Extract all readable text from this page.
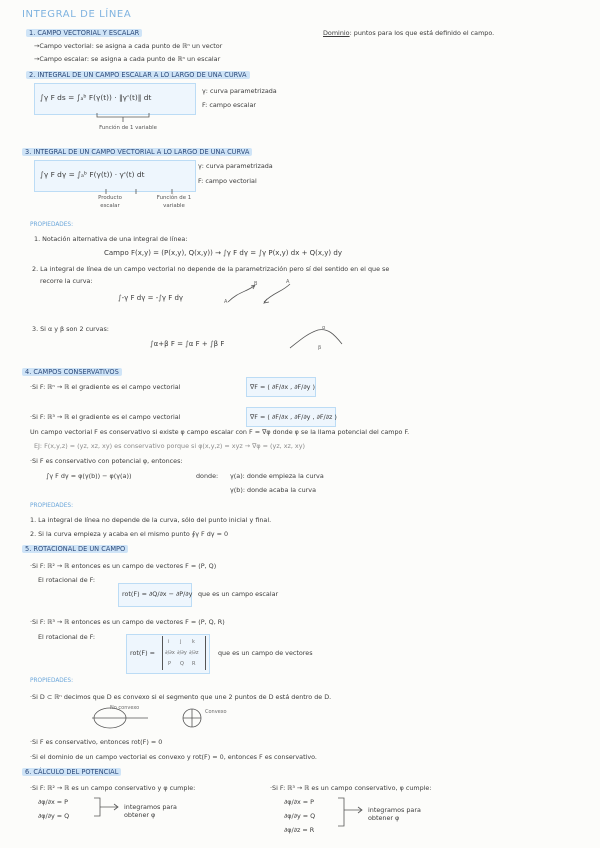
INTEGRAL DE LÍNEA
Dominio: puntos para los que está definido el campo.
1. CAMPO VECTORIAL Y ESCALAR
→Campo vectorial: se asigna a cada punto de ℝⁿ un vector
→Campo escalar: se asigna a cada punto de ℝⁿ un escalar
2. INTEGRAL DE UN CAMPO ESCALAR A LO LARGO DE UNA CURVA
∫γ F ds = ∫ₐᵇ F(γ(t)) · ‖γ'(t)‖ dt
γ: curva parametrizada
F: campo escalar
Función de 1 variable
3. INTEGRAL DE UN CAMPO VECTORIAL A LO LARGO DE UNA CURVA
∫γ F dγ = ∫ₐᵇ F(γ(t)) · γ'(t) dt
γ: curva parametrizada
F: campo vectorial
Producto escalar
Función de 1 variable
PROPIEDADES:
1. Notación alternativa de una integral de línea:
Campo F(x,y) = (P(x,y), Q(x,y)) → ∫γ F dγ = ∫γ P(x,y) dx + Q(x,y) dy
2. La integral de línea de un campo vectorial no depende de la parametrización pero sí del sentido en el que se
recorre la curva:
∫-γ F dγ = -∫γ F dγ	A
B	A
3. Si α y β son 2 curvas:
∫α+β F = ∫α F + ∫β F
α
β
4. CAMPOS CONSERVATIVOS
·Si F: ℝⁿ → ℝ el gradiente es el campo vectorial	∇F = ( ∂F/∂x , ∂F/∂y )
·Si F: ℝ³ → ℝ el gradiente es el campo vectorial	∇F = ( ∂F/∂x , ∂F/∂y , ∂F/∂z )
Un campo vectorial F es conservativo si existe φ campo escalar con F = ∇φ donde φ se la llama potencial del campo F.
EJ: F(x,y,z) = (yz, xz, xy) es conservativo porque si φ(x,y,z) = xyz → ∇φ = (yz, xz, xy)
·Si F es conservativo con potencial φ, entonces:
∫γ F dγ = φ(γ(b)) − φ(γ(a))	donde: γ(a): donde empieza la curva
γ(b): donde acaba la curva
PROPIEDADES:
1. La integral de línea no depende de la curva, sólo del punto inicial y final.
2. Si la curva empieza y acaba en el mismo punto ∮γ F dγ = 0
5. ROTACIONAL DE UN CAMPO
·Si F: ℝ² → ℝ entonces es un campo de vectores F = (P, Q)
El rotacional de F:
rot(F) = ∂Q/∂x − ∂P/∂y que es un campo escalar
·Si F: ℝ³ → ℝ entonces es un campo de vectores F = (P, Q, R)
El rotacional de F:
rot(F) =
i j k
∂/∂x ∂/∂y ∂/∂z
P Q R
que es un campo de vectores
PROPIEDADES:
·Si D ⊂ ℝⁿ decimos que D es convexo si el segmento que une 2 puntos de D está dentro de D.
No convexo
Convexo
·Si F es conservativo, entonces rot(F) = 0
·Si el dominio de un campo vectorial es convexo y rot(F) = 0, entonces F es conservativo.
6. CÁLCULO DEL POTENCIAL
·Si F: ℝ² → ℝ es un campo conservativo y φ cumple:
∂φ/∂x = P
∂φ/∂y = Q
integramos para obtener φ
·Si F: ℝ³ → ℝ es un campo conservativo, φ cumple:
∂φ/∂x = P
∂φ/∂y = Q
∂φ/∂z = R
integramos para obtener φ
